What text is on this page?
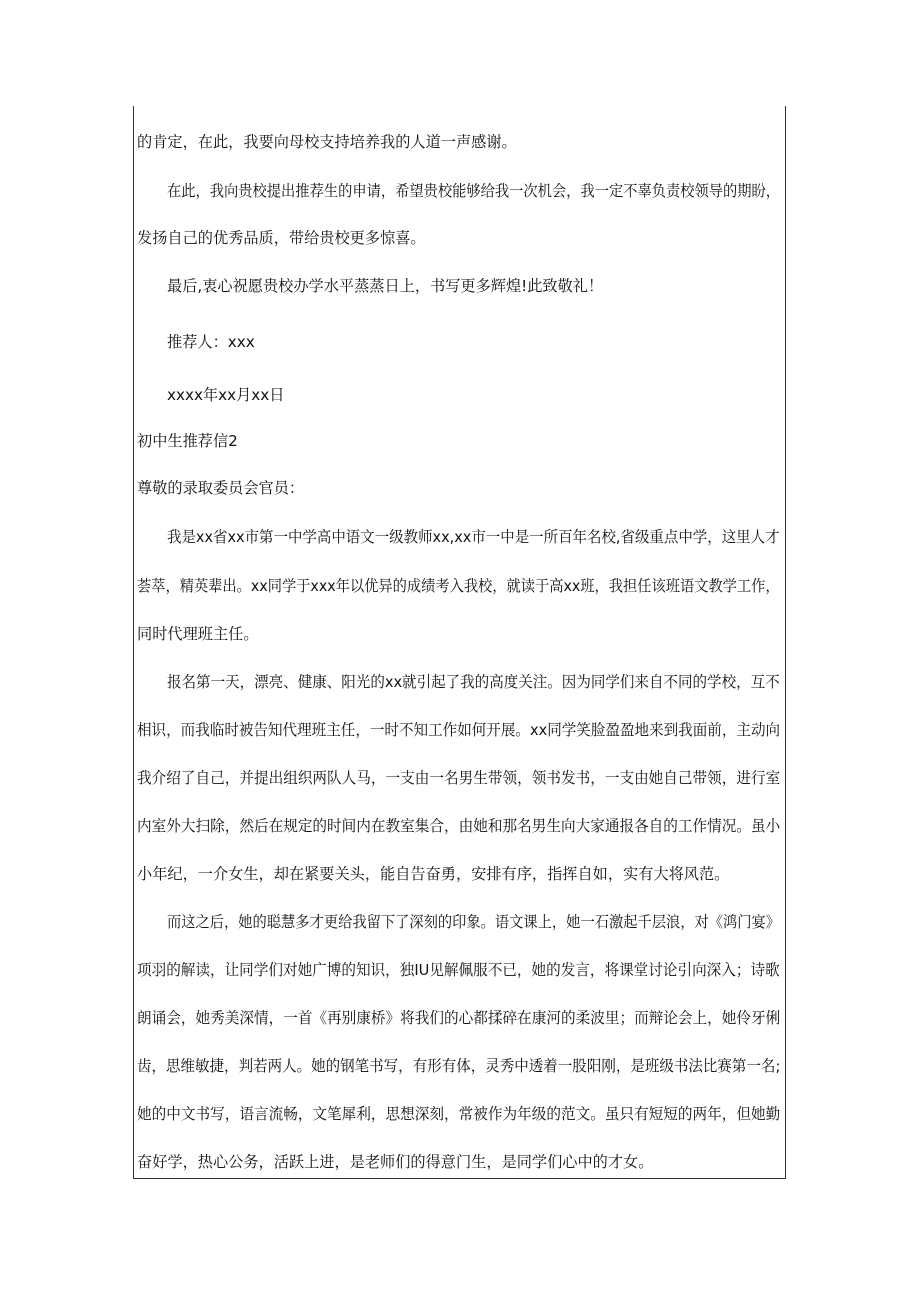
的肯定，在此，我要向母校支持培养我的人道一声感谢。
在此，我向贵校提出推荐生的申请，希望贵校能够给我一次机会，我一定不辜负责校领导的期盼，
发扬自己的优秀品质，带给贵校更多惊喜。
最后,衷心祝愿贵校办学水平蒸蒸日上，书写更多辉煌!此致敬礼！
推荐人：xxx
xxxx年xx月xx日
初中生推荐信2
尊敬的录取委员会官员：
我是xx省xx市第一中学高中语文一级教师xx,xx市一中是一所百年名校,省级重点中学，这里人才
荟萃，精英辈出。xx同学于xxx年以优异的成绩考入我校，就读于高xx班，我担任该班语文教学工作，
同时代理班主任。
报名第一天，漂亮、健康、阳光的xx就引起了我的高度关注。因为同学们来自不同的学校，互不
相识，而我临时被告知代理班主任，一时不知工作如何开展。xx同学笑脸盈盈地来到我面前，主动向
我介绍了自己，并提出组织两队人马，一支由一名男生带领，领书发书，一支由她自己带领，进行室
内室外大扫除，然后在规定的时间内在教室集合，由她和那名男生向大家通报各自的工作情况。虽小
小年纪，一介女生，却在紧要关头，能自告奋勇，安排有序，指挥自如，实有大将风范。
而这之后，她的聪慧多才更给我留下了深刻的印象。语文课上，她一石激起千层浪，对《鸿门宴》
项羽的解读，让同学们对她广博的知识，独IU见解佩服不已，她的发言，将课堂讨论引向深入；诗歌
朗诵会，她秀美深情，一首《再别康桥》将我们的心都揉碎在康河的柔波里；而辩论会上，她伶牙俐
齿，思维敏捷，判若两人。她的钢笔书写，有形有体，灵秀中透着一股阳刚，是班级书法比赛第一名;
她的中文书写，语言流畅，文笔犀利，思想深刻，常被作为年级的范文。虽只有短短的两年，但她勤
奋好学，热心公务，活跃上进，是老师们的得意门生，是同学们心中的才女。
